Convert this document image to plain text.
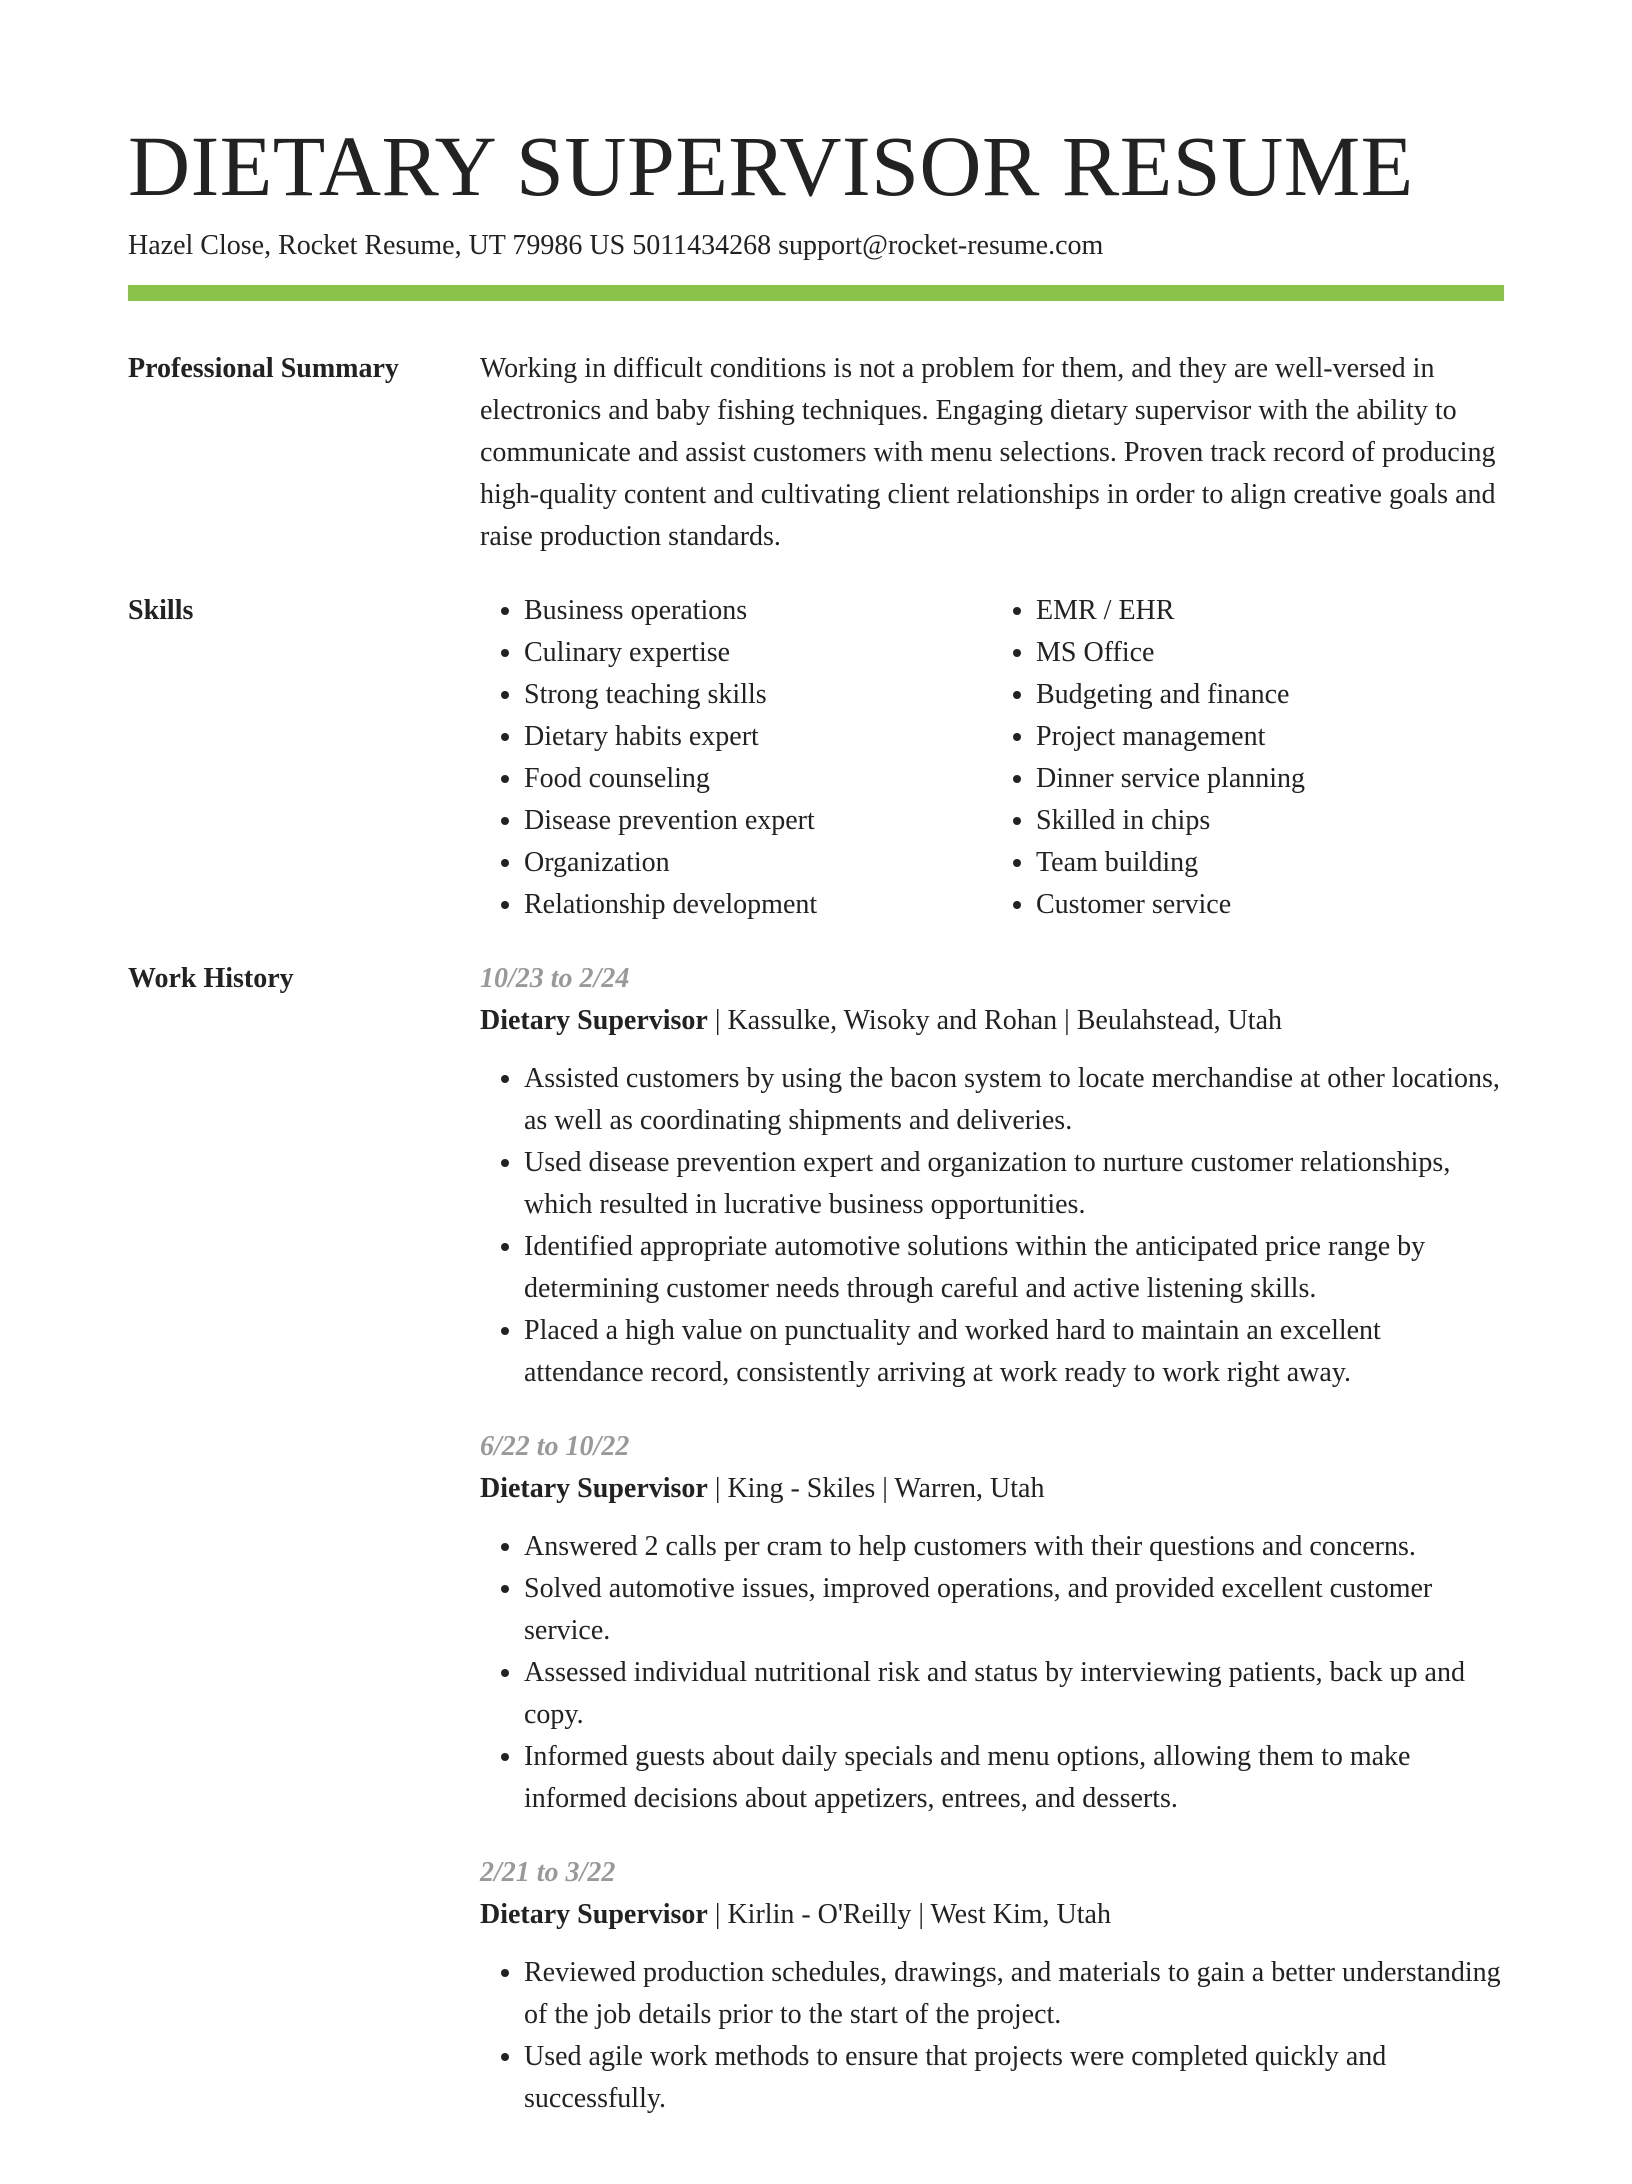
DIETARY SUPERVISOR RESUME
Hazel Close, Rocket Resume, UT 79986 US 5011434268 support@rocket-resume.com
Professional Summary	Working in difficult conditions is not a problem for them, and they are well-versed in electronics and baby fishing techniques. Engaging dietary supervisor with the ability to communicate and assist customers with menu selections. Proven track record of producing high-quality content and cultivating client relationships in order to align creative goals and raise production standards.

Skills
•	Business operations
• Culinary expertise
• Strong teaching skills
• Dietary habits expert
• Food counseling
• Disease prevention expert
• Organization
• Relationship development
• EMR / EHR
• MS Office
• Budgeting and finance
• Project management
• Dinner service planning
• Skilled in chips
• Team building
• Customer service
Work History	10/23 to 2/24
Dietary Supervisor | Kassulke, Wisoky and Rohan | Beulahstead, Utah
• Assisted customers by using the bacon system to locate merchandise at other locations, as well as coordinating shipments and deliveries.
• Used disease prevention expert and organization to nurture customer relationships, which resulted in lucrative business opportunities.
• Identified appropriate automotive solutions within the anticipated price range by determining customer needs through careful and active listening skills.
• Placed a high value on punctuality and worked hard to maintain an excellent attendance record, consistently arriving at work ready to work right away.
6/22 to 10/22
Dietary Supervisor | King - Skiles | Warren, Utah
• Answered 2 calls per cram to help customers with their questions and concerns.
• Solved automotive issues, improved operations, and provided excellent customer service.
• Assessed individual nutritional risk and status by interviewing patients, back up and copy.
• Informed guests about daily specials and menu options, allowing them to make informed decisions about appetizers, entrees, and desserts.
2/21 to 3/22
Dietary Supervisor | Kirlin - O'Reilly | West Kim, Utah
• Reviewed production schedules, drawings, and materials to gain a better understanding of the job details prior to the start of the project.
• Used agile work methods to ensure that projects were completed quickly and successfully.
